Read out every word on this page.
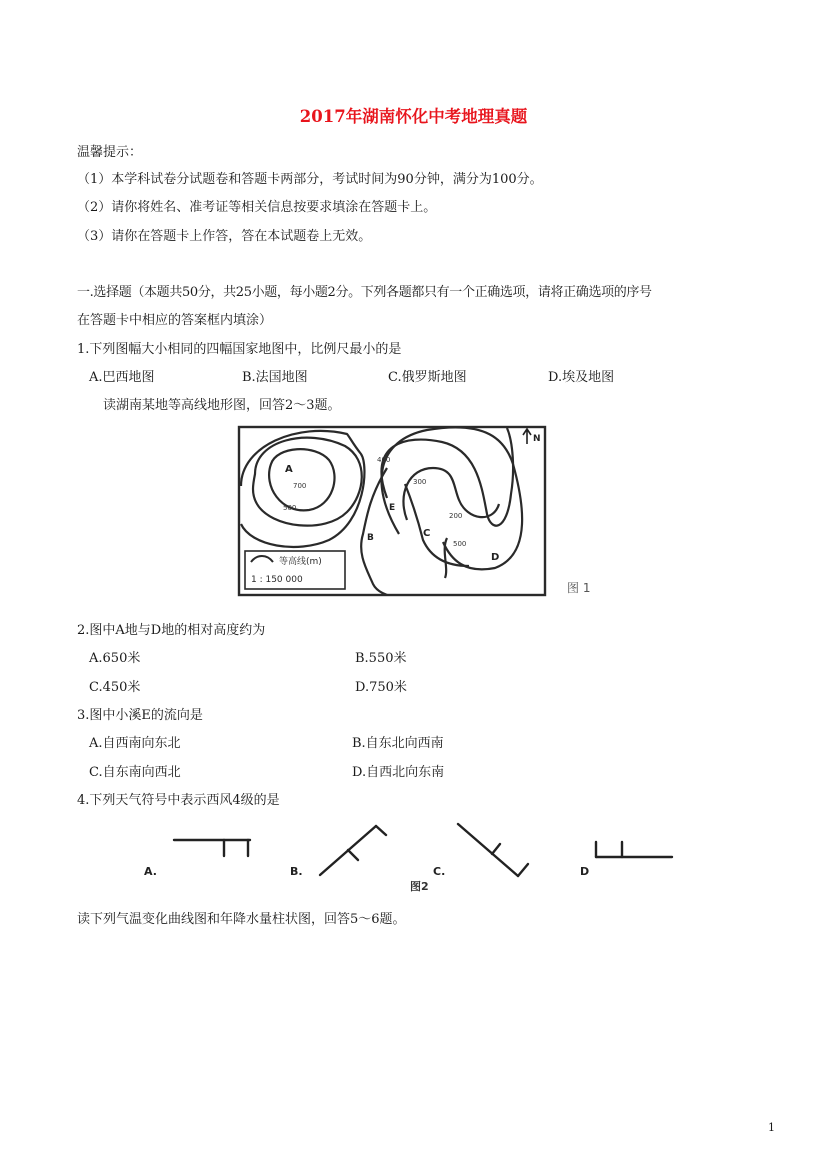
2017年湖南怀化中考地理真题
温馨提示：
（1）本学科试卷分试题卷和答题卡两部分，考试时间为90分钟，满分为100分。
（2）请你将姓名、准考证等相关信息按要求填涂在答题卡上。
（3）请你在答题卡上作答，答在本试题卷上无效。
一.选择题（本题共50分，共25小题，每小题2分。下列各题都只有一个正确选项，请将正确选项的序号
在答题卡中相应的答案框内填涂）
1.下列图幅大小相同的四幅国家地图中，比例尺最小的是
A.巴西地图	B.法国地图	C.俄罗斯地图	D.埃及地图
读湖南某地等高线地形图，回答2～3题。
等高线(m)
1 : 150 000
A
B	C
D
E
N
400
300
200
700
500
500
图 1
2.图中A地与D地的相对高度约为
A.650米	B.550米
C.450米	D.750米
3.图中小溪E的流向是
A.自西南向东北	B.自东北向西南
C.自东南向西北	D.自西北向东南
4.下列天气符号中表示西风4级的是
A.	B.	C.	D
图2
读下列气温变化曲线图和年降水量柱状图，回答5～6题。
1
